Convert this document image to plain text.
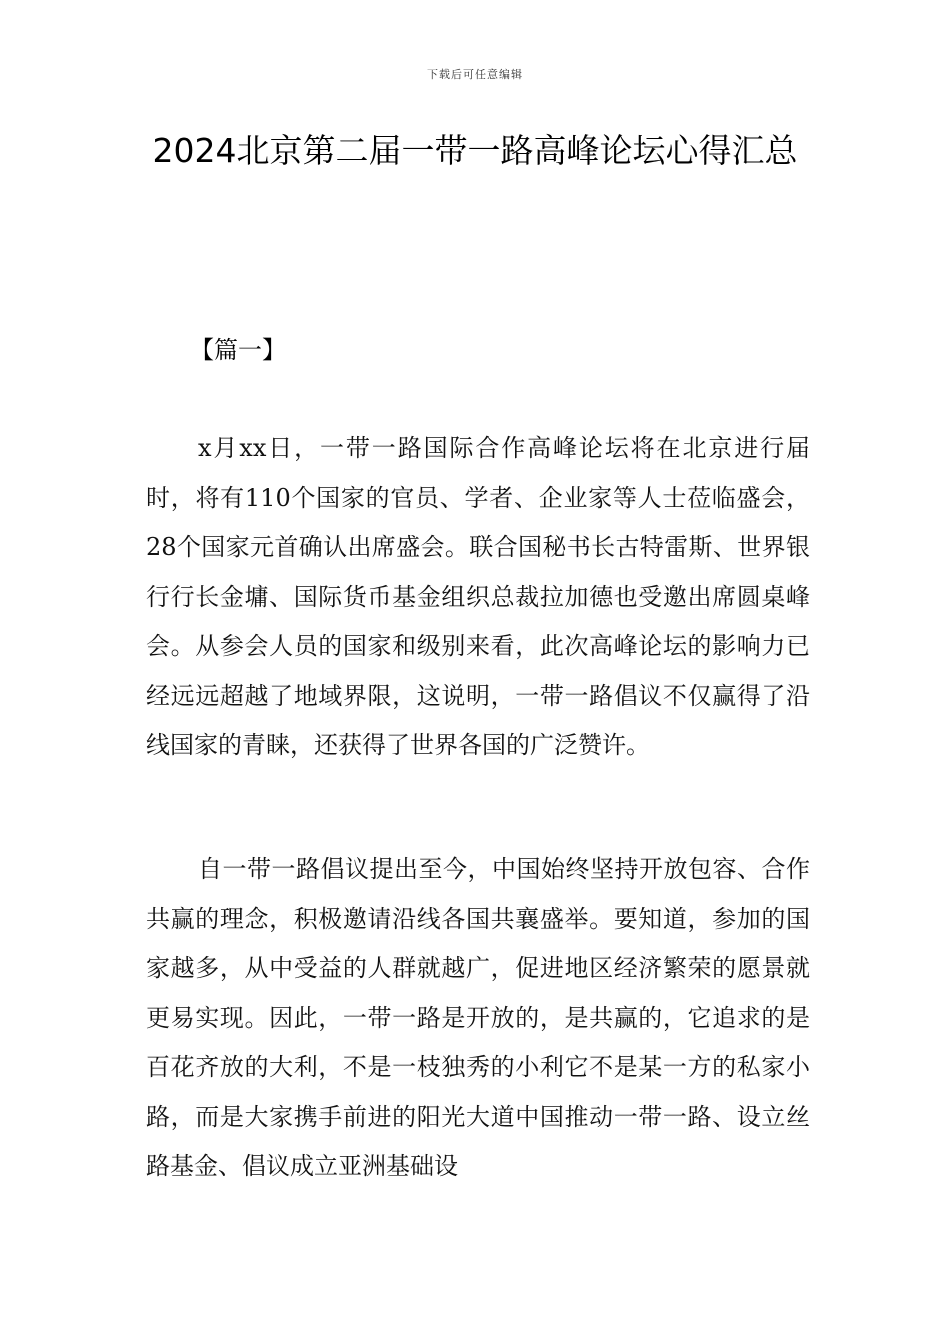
下载后可任意编辑
2024北京第二届一带一路高峰论坛心得汇总
【篇一】

x月xx日，一带一路国际合作高峰论坛将在北京进行届时，将有110个国家的官员、学者、企业家等人士莅临盛会，28个国家元首确认出席盛会。联合国秘书长古特雷斯、世界银行行长金墉、国际货币基金组织总裁拉加德也受邀出席圆桌峰会。从参会人员的国家和级别来看，此次高峰论坛的影响力已经远远超越了地域界限，这说明，一带一路倡议不仅赢得了沿线国家的青睐，还获得了世界各国的广泛赞许。

自一带一路倡议提出至今，中国始终坚持开放包容、合作共赢的理念，积极邀请沿线各国共襄盛举。要知道，参加的国家越多，从中受益的人群就越广，促进地区经济繁荣的愿景就更易实现。因此，一带一路是开放的，是共赢的，它追求的是百花齐放的大利，不是一枝独秀的小利它不是某一方的私家小路，而是大家携手前进的阳光大道中国推动一带一路、设立丝路基金、倡议成立亚洲基础设
